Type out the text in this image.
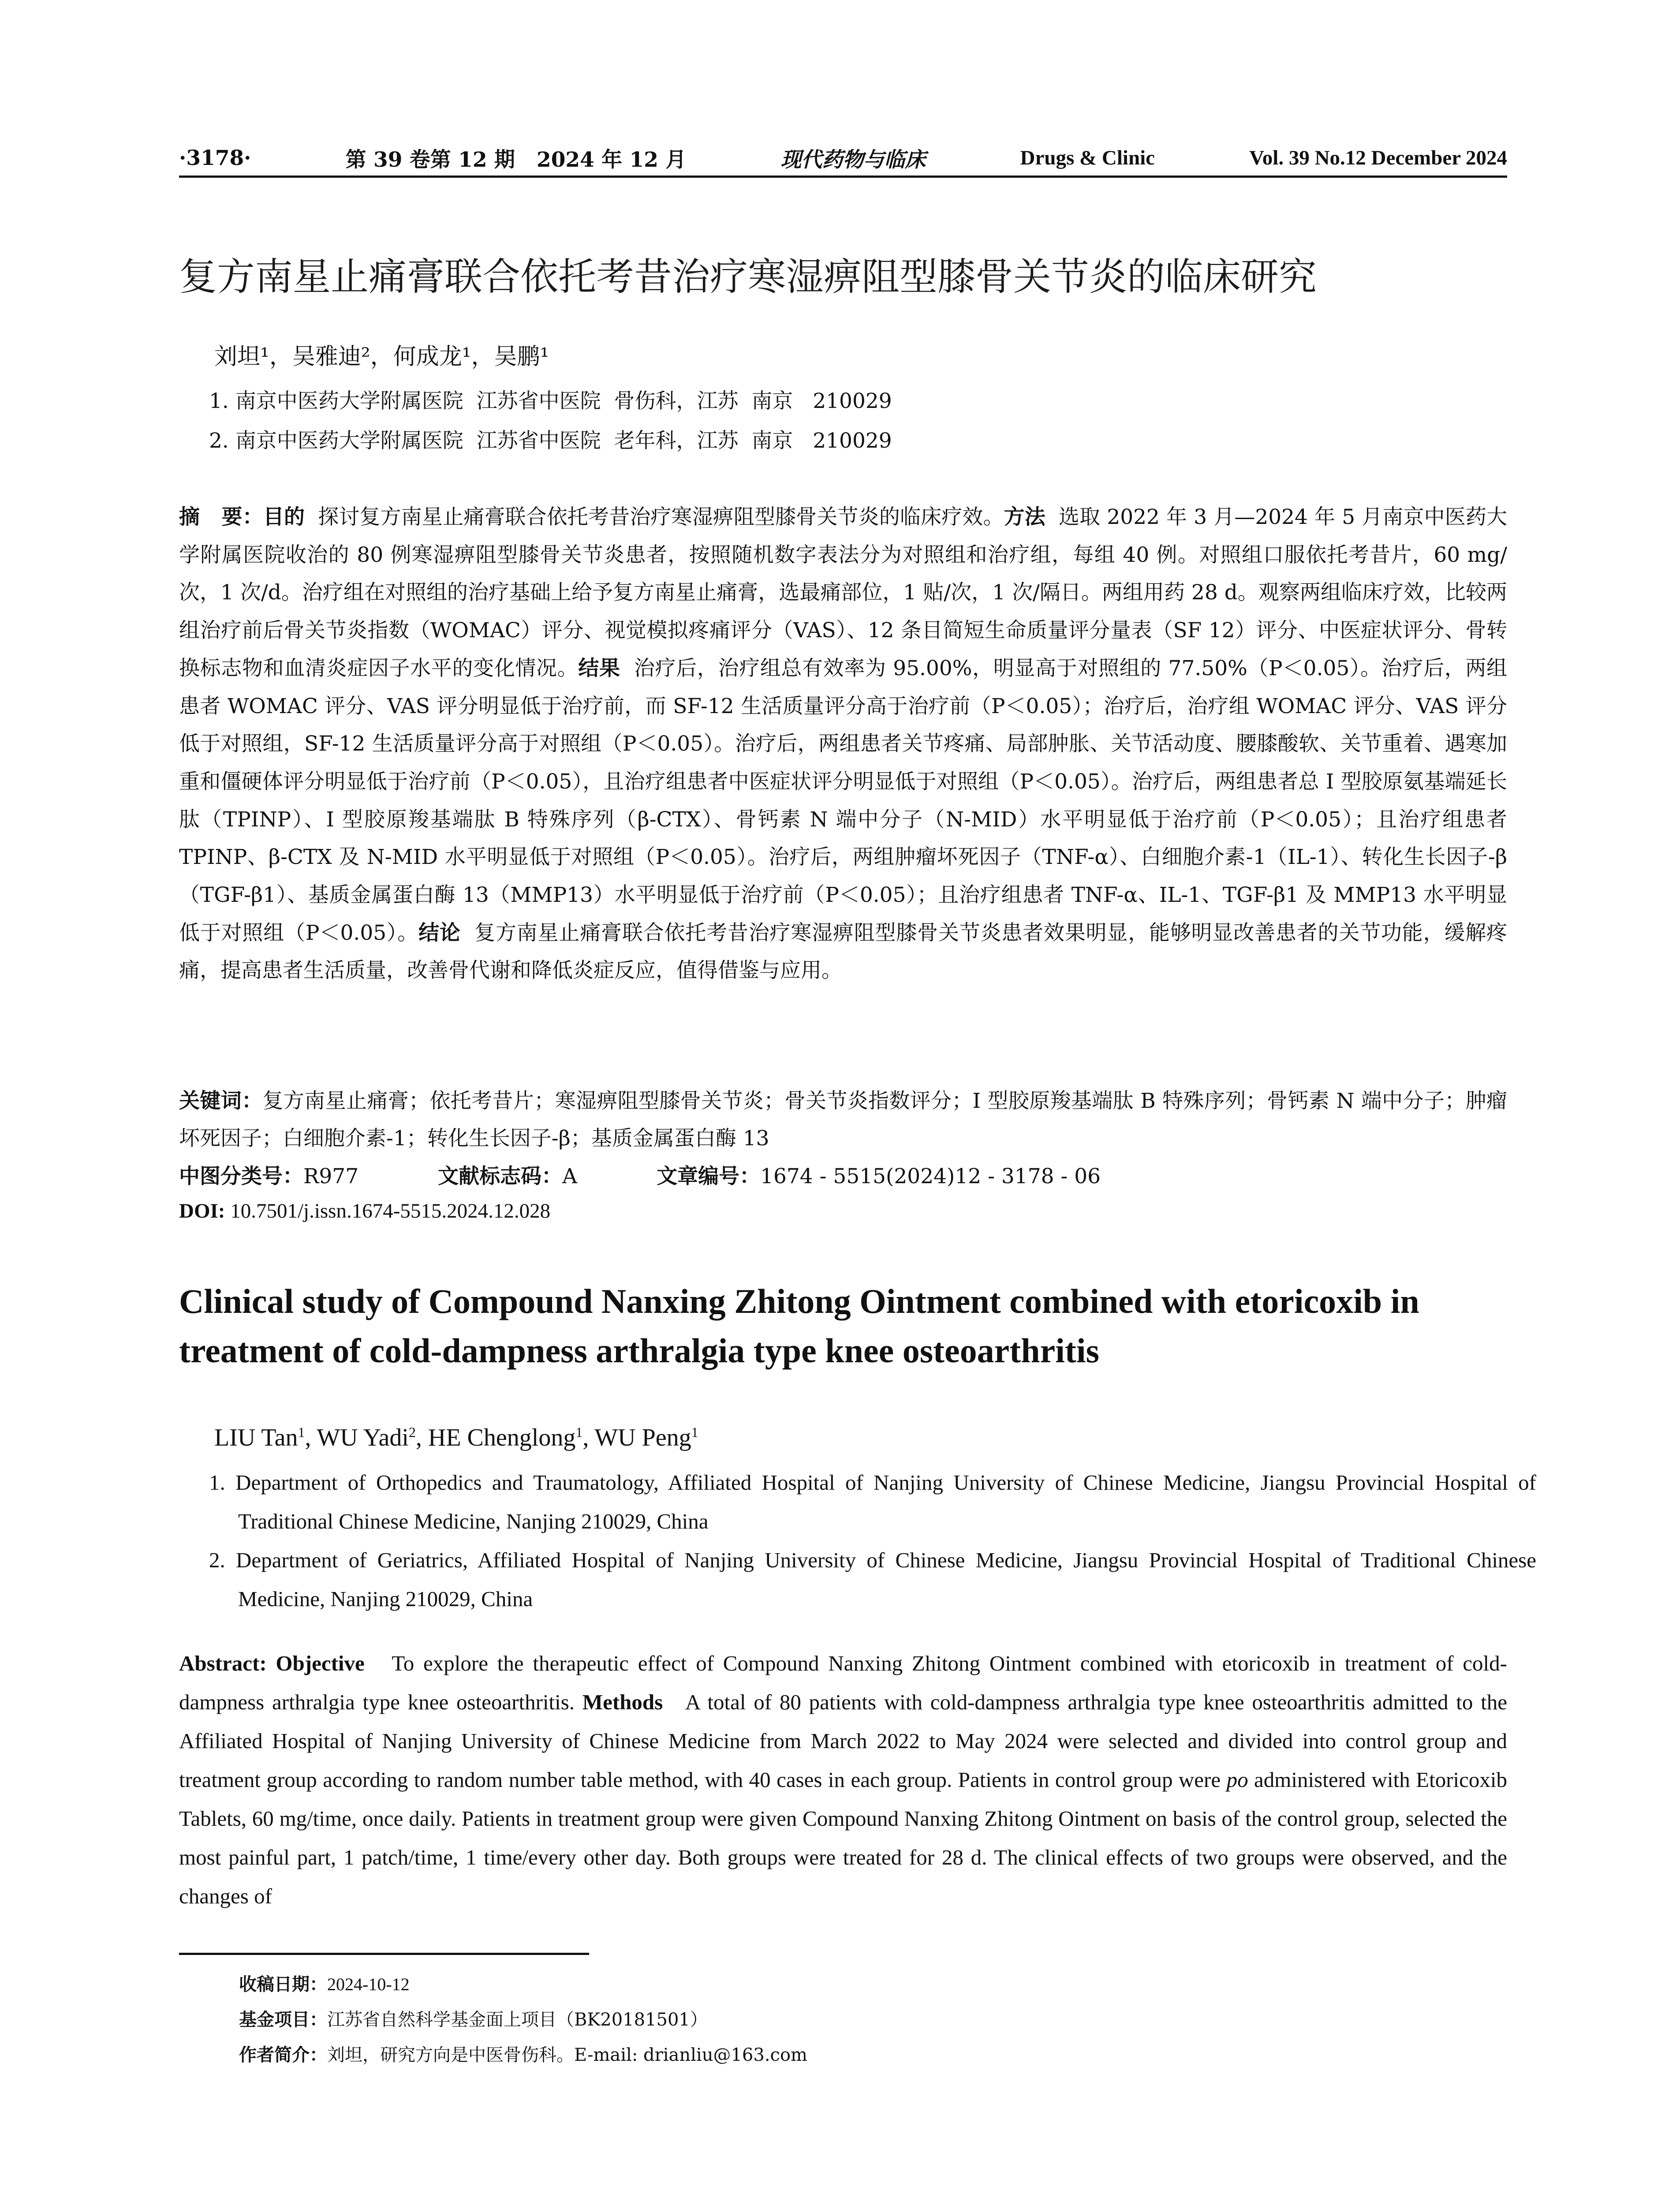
·3178·	第 39 卷第 12 期   2024 年 12 月	现代药物与临床	Drugs & Clinic	Vol. 39 No.12 December 2024
复方南星止痛膏联合依托考昔治疗寒湿痹阻型膝骨关节炎的临床研究
刘坦¹，吴雅迪²，何成龙¹，吴鹏¹
1. 南京中医药大学附属医院  江苏省中医院  骨伤科，江苏  南京   210029
2. 南京中医药大学附属医院  江苏省中医院  老年科，江苏  南京   210029
摘   要：目的  探讨复方南星止痛膏联合依托考昔治疗寒湿痹阻型膝骨关节炎的临床疗效。方法  选取 2022 年 3 月—2024 年 5 月南京中医药大学附属医院收治的 80 例寒湿痹阻型膝骨关节炎患者，按照随机数字表法分为对照组和治疗组，每组 40 例。对照组口服依托考昔片，60 mg/次，1 次/d。治疗组在对照组的治疗基础上给予复方南星止痛膏，选最痛部位，1 贴/次，1 次/隔日。两组用药 28 d。观察两组临床疗效，比较两组治疗前后骨关节炎指数（WOMAC）评分、视觉模拟疼痛评分（VAS）、12 条目简短生命质量评分量表（SF 12）评分、中医症状评分、骨转换标志物和血清炎症因子水平的变化情况。结果  治疗后，治疗组总有效率为 95.00%，明显高于对照组的 77.50%（P＜0.05）。治疗后，两组患者 WOMAC 评分、VAS 评分明显低于治疗前，而 SF-12 生活质量评分高于治疗前（P＜0.05）；治疗后，治疗组 WOMAC 评分、VAS 评分低于对照组，SF-12 生活质量评分高于对照组（P＜0.05）。治疗后，两组患者关节疼痛、局部肿胀、关节活动度、腰膝酸软、关节重着、遇寒加重和僵硬体评分明显低于治疗前（P＜0.05），且治疗组患者中医症状评分明显低于对照组（P＜0.05）。治疗后，两组患者总 I 型胶原氨基端延长肽（TPINP）、I 型胶原羧基端肽 B 特殊序列（β-CTX）、骨钙素 N 端中分子（N-MID）水平明显低于治疗前（P＜0.05）；且治疗组患者 TPINP、β-CTX 及 N-MID 水平明显低于对照组（P＜0.05）。治疗后，两组肿瘤坏死因子（TNF-α）、白细胞介素-1（IL-1）、转化生长因子-β（TGF-β1）、基质金属蛋白酶 13（MMP13）水平明显低于治疗前（P＜0.05）；且治疗组患者 TNF-α、IL-1、TGF-β1 及 MMP13 水平明显低于对照组（P＜0.05）。结论  复方南星止痛膏联合依托考昔治疗寒湿痹阻型膝骨关节炎患者效果明显，能够明显改善患者的关节功能，缓解疼痛，提高患者生活质量，改善骨代谢和降低炎症反应，值得借鉴与应用。
关键词：复方南星止痛膏；依托考昔片；寒湿痹阻型膝骨关节炎；骨关节炎指数评分；I 型胶原羧基端肽 B 特殊序列；骨钙素 N 端中分子；肿瘤坏死因子；白细胞介素-1；转化生长因子-β；基质金属蛋白酶 13
中图分类号：R977	文献标志码：A	文章编号：1674 - 5515(2024)12 - 3178 - 06
DOI: 10.7501/j.issn.1674-5515.2024.12.028
Clinical study of Compound Nanxing Zhitong Ointment combined with etoricoxib in treatment of cold-dampness arthralgia type knee osteoarthritis
LIU Tan$^1$, WU Yadi$^2$, HE Chenglong$^1$, WU Peng$^1$
1. Department of Orthopedics and Traumatology, Affiliated Hospital of Nanjing University of Chinese Medicine, Jiangsu Provincial Hospital of Traditional Chinese Medicine, Nanjing 210029, China
2. Department of Geriatrics, Affiliated Hospital of Nanjing University of Chinese Medicine, Jiangsu Provincial Hospital of Traditional Chinese Medicine, Nanjing 210029, China
Abstract: Objective   To explore the therapeutic effect of Compound Nanxing Zhitong Ointment combined with etoricoxib in treatment of cold-dampness arthralgia type knee osteoarthritis. Methods   A total of 80 patients with cold-dampness arthralgia type knee osteoarthritis admitted to the Affiliated Hospital of Nanjing University of Chinese Medicine from March 2022 to May 2024 were selected and divided into control group and treatment group according to random number table method, with 40 cases in each group. Patients in control group were po administered with Etoricoxib Tablets, 60 mg/time, once daily. Patients in treatment group were given Compound Nanxing Zhitong Ointment on basis of the control group, selected the most painful part, 1 patch/time, 1 time/every other day. Both groups were treated for 28 d. The clinical effects of two groups were observed, and the changes of
收稿日期：2024-10-12
基金项目：江苏省自然科学基金面上项目（BK20181501）
作者简介：刘坦，研究方向是中医骨伤科。E-mail: drianliu@163.com
